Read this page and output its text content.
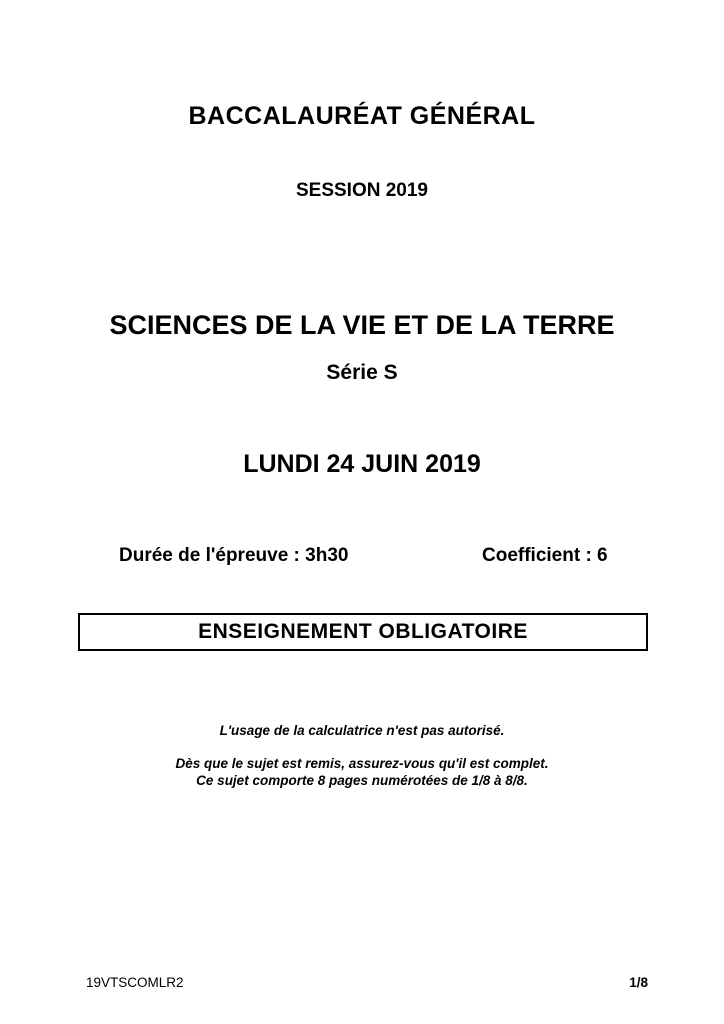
BACCALAURÉAT GÉNÉRAL
SESSION 2019
SCIENCES DE LA VIE ET DE LA TERRE
Série S
LUNDI 24 JUIN 2019
Durée de l'épreuve : 3h30	Coefficient : 6
ENSEIGNEMENT OBLIGATOIRE
L'usage de la calculatrice n'est pas autorisé.
Dès que le sujet est remis, assurez-vous qu'il est complet.
Ce sujet comporte 8 pages numérotées de 1/8 à 8/8.
19VTSCOMLR2	1/8
